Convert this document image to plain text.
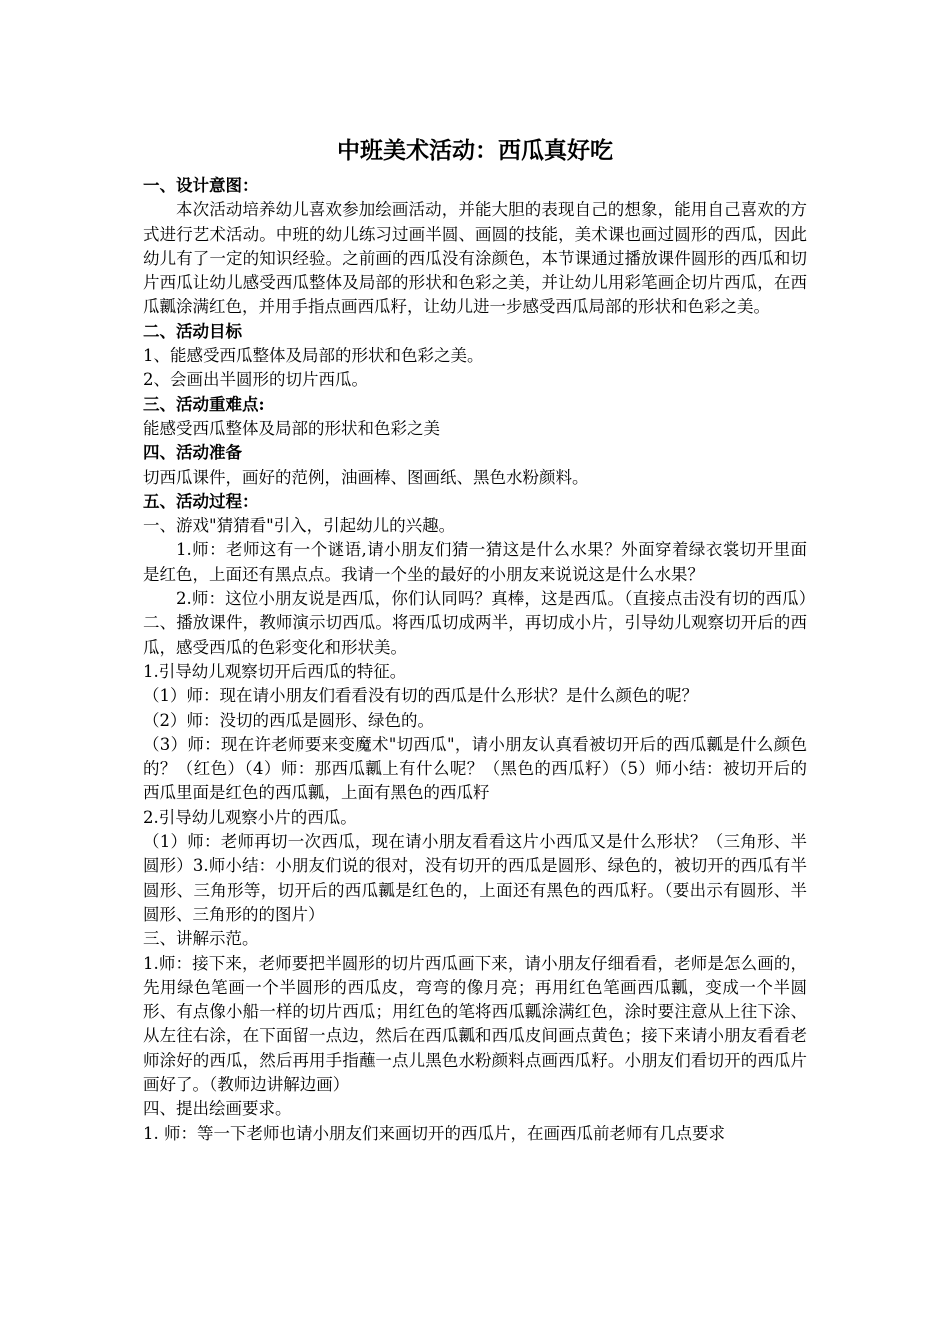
中班美术活动：西瓜真好吃

一、设计意图：

本次活动培养幼儿喜欢参加绘画活动，并能大胆的表现自己的想象，能用自己喜欢的方式进行艺术活动。中班的幼儿练习过画半圆、画圆的技能，美术课也画过圆形的西瓜，因此幼儿有了一定的知识经验。之前画的西瓜没有涂颜色，本节课通过播放课件圆形的西瓜和切片西瓜让幼儿感受西瓜整体及局部的形状和色彩之美，并让幼儿用彩笔画企切片西瓜，在西瓜瓤涂满红色，并用手指点画西瓜籽，让幼儿进一步感受西瓜局部的形状和色彩之美。

二、活动目标

1、能感受西瓜整体及局部的形状和色彩之美。

2、会画出半圆形的切片西瓜。

三、活动重难点:

能感受西瓜整体及局部的形状和色彩之美

四、活动准备

切西瓜课件，画好的范例，油画棒、图画纸、黑色水粉颜料。

五、活动过程：

一、游戏"猜猜看"引入，引起幼儿的兴趣。

1.师：老师这有一个谜语,请小朋友们猜一猜这是什么水果？外面穿着绿衣裳切开里面是红色，上面还有黑点点。我请一个坐的最好的小朋友来说说这是什么水果？

2.师：这位小朋友说是西瓜，你们认同吗？真棒，这是西瓜。（直接点击没有切的西瓜）二、播放课件，教师演示切西瓜。将西瓜切成两半，再切成小片，引导幼儿观察切开后的西瓜，感受西瓜的色彩变化和形状美。

1.引导幼儿观察切开后西瓜的特征。

（1）师：现在请小朋友们看看没有切的西瓜是什么形状？是什么颜色的呢？

（2）师：没切的西瓜是圆形、绿色的。

（3）师：现在许老师要来变魔术"切西瓜"，请小朋友认真看被切开后的西瓜瓤是什么颜色的？（红色）（4）师：那西瓜瓤上有什么呢？（黑色的西瓜籽）（5）师小结：被切开后的西瓜里面是红色的西瓜瓤，上面有黑色的西瓜籽

2.引导幼儿观察小片的西瓜。

（1）师：老师再切一次西瓜，现在请小朋友看看这片小西瓜又是什么形状？（三角形、半圆形）3.师小结：小朋友们说的很对，没有切开的西瓜是圆形、绿色的，被切开的西瓜有半圆形、三角形等，切开后的西瓜瓤是红色的，上面还有黑色的西瓜籽。（要出示有圆形、半圆形、三角形的的图片）

三、讲解示范。

1.师：接下来，老师要把半圆形的切片西瓜画下来，请小朋友仔细看看，老师是怎么画的，先用绿色笔画一个半圆形的西瓜皮，弯弯的像月亮；再用红色笔画西瓜瓤，变成一个半圆形、有点像小船一样的切片西瓜；用红色的笔将西瓜瓤涂满红色，涂时要注意从上往下涂、从左往右涂，在下面留一点边，然后在西瓜瓤和西瓜皮间画点黄色；接下来请小朋友看看老师涂好的西瓜，然后再用手指蘸一点儿黑色水粉颜料点画西瓜籽。小朋友们看切开的西瓜片画好了。（教师边讲解边画）

四、提出绘画要求。

1. 师：等一下老师也请小朋友们来画切开的西瓜片，在画西瓜前老师有几点要求
